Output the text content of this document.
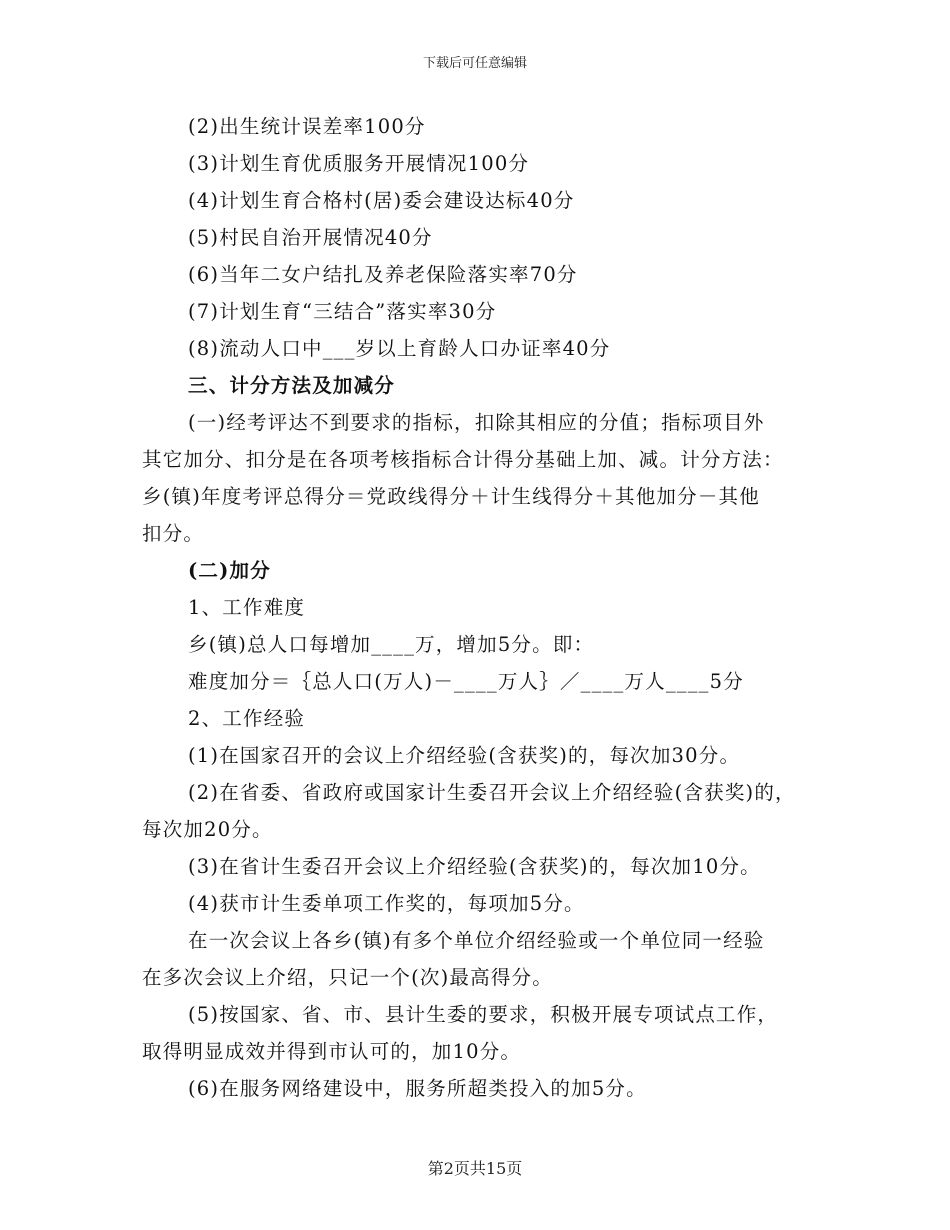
下载后可任意编辑
(2)出生统计误差率100分
(3)计划生育优质服务开展情况100分
(4)计划生育合格村(居)委会建设达标40分
(5)村民自治开展情况40分
(6)当年二女户结扎及养老保险落实率70分
(7)计划生育“三结合”落实率30分
(8)流动人口中___岁以上育龄人口办证率40分
三、计分方法及加减分
(一)经考评达不到要求的指标，扣除其相应的分值；指标项目外
其它加分、扣分是在各项考核指标合计得分基础上加、减。计分方法：
乡(镇)年度考评总得分＝党政线得分＋计生线得分＋其他加分－其他
扣分。
(二)加分
1、工作难度
乡(镇)总人口每增加____万，增加5分。即：
难度加分＝｛总人口(万人)－____万人｝／____万人____5分
2、工作经验
(1)在国家召开的会议上介绍经验(含获奖)的，每次加30分。
(2)在省委、省政府或国家计生委召开会议上介绍经验(含获奖)的，
每次加20分。
(3)在省计生委召开会议上介绍经验(含获奖)的，每次加10分。
(4)获市计生委单项工作奖的，每项加5分。
在一次会议上各乡(镇)有多个单位介绍经验或一个单位同一经验
在多次会议上介绍，只记一个(次)最高得分。
(5)按国家、省、市、县计生委的要求，积极开展专项试点工作，
取得明显成效并得到市认可的，加10分。
(6)在服务网络建设中，服务所超类投入的加5分。
第2页共15页
